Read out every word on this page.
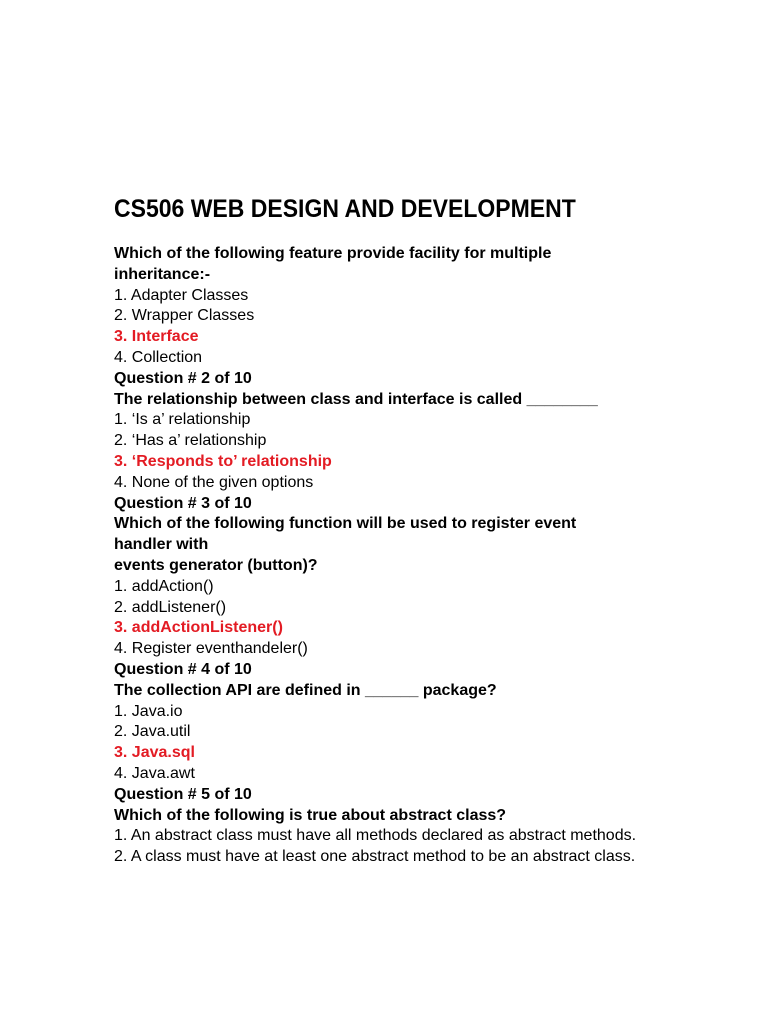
CS506 WEB DESIGN AND DEVELOPMENT
Which of the following feature provide facility for multiple
inheritance:-
1. Adapter Classes
2. Wrapper Classes
3. Interface
4. Collection
Question # 2 of 10
The relationship between class and interface is called ________
1. ‘Is a’ relationship
2. ‘Has a’ relationship
3. ‘Responds to’ relationship
4. None of the given options
Question # 3 of 10
Which of the following function will be used to register event
handler with
events generator (button)?
1. addAction()
2. addListener()
3. addActionListener()
4. Register eventhandeler()
Question # 4 of 10
The collection API are defined in ______ package?
1. Java.io
2. Java.util
3. Java.sql
4. Java.awt
Question # 5 of 10
Which of the following is true about abstract class?
1. An abstract class must have all methods declared as abstract methods.
2. A class must have at least one abstract method to be an abstract class.
